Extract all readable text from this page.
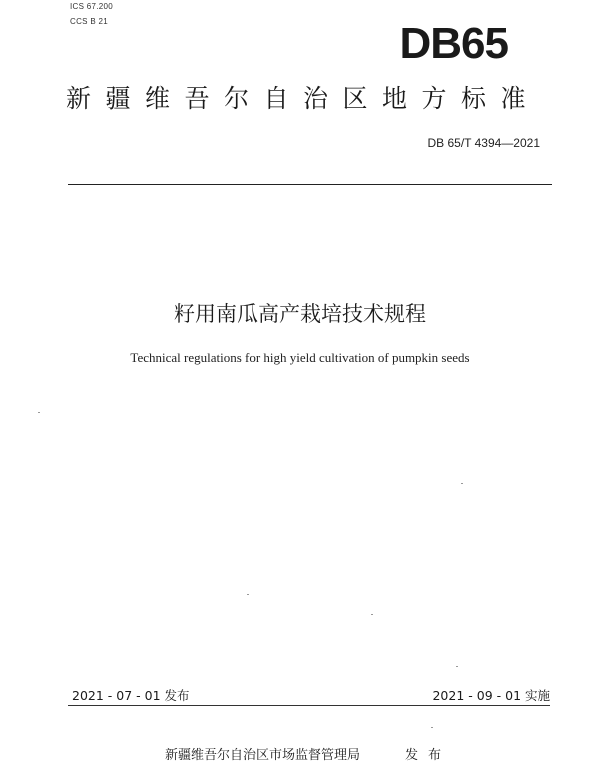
ICS 67.200
CCS B 21	DB65
新疆维吾尔自治区地方标准
DB 65/T 4394—2021
籽用南瓜高产栽培技术规程
Technical regulations for high yield cultivation of pumpkin seeds
2021 - 07 - 01 发布	2021 - 09 - 01 实施
新疆维吾尔自治区市场监督管理局	发布
